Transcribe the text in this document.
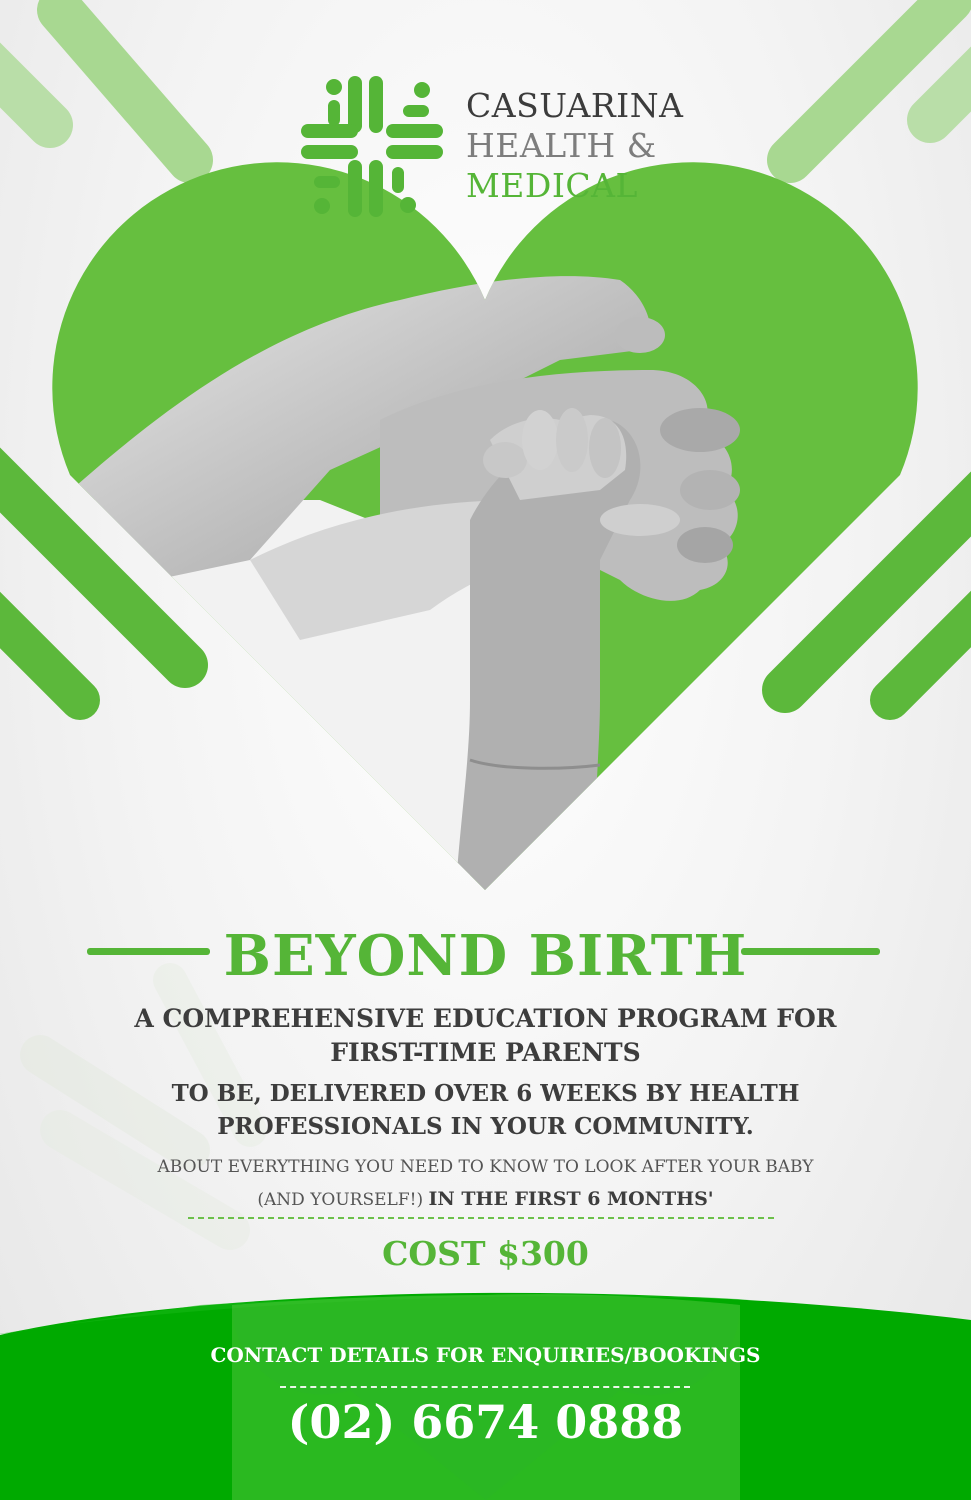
CASUARINA
HEALTH &
MEDICAL
BEYOND BIRTH
A COMPREHENSIVE EDUCATION PROGRAM FOR
FIRST-TIME PARENTS
TO BE, DELIVERED OVER 6 WEEKS BY HEALTH
PROFESSIONALS IN YOUR COMMUNITY.
ABOUT EVERYTHING YOU NEED TO KNOW TO LOOK AFTER YOUR BABY
(AND YOURSELF!) IN THE FIRST 6 MONTHS'
COST $300
CONTACT DETAILS FOR ENQUIRIES/BOOKINGS
(02) 6674 0888
